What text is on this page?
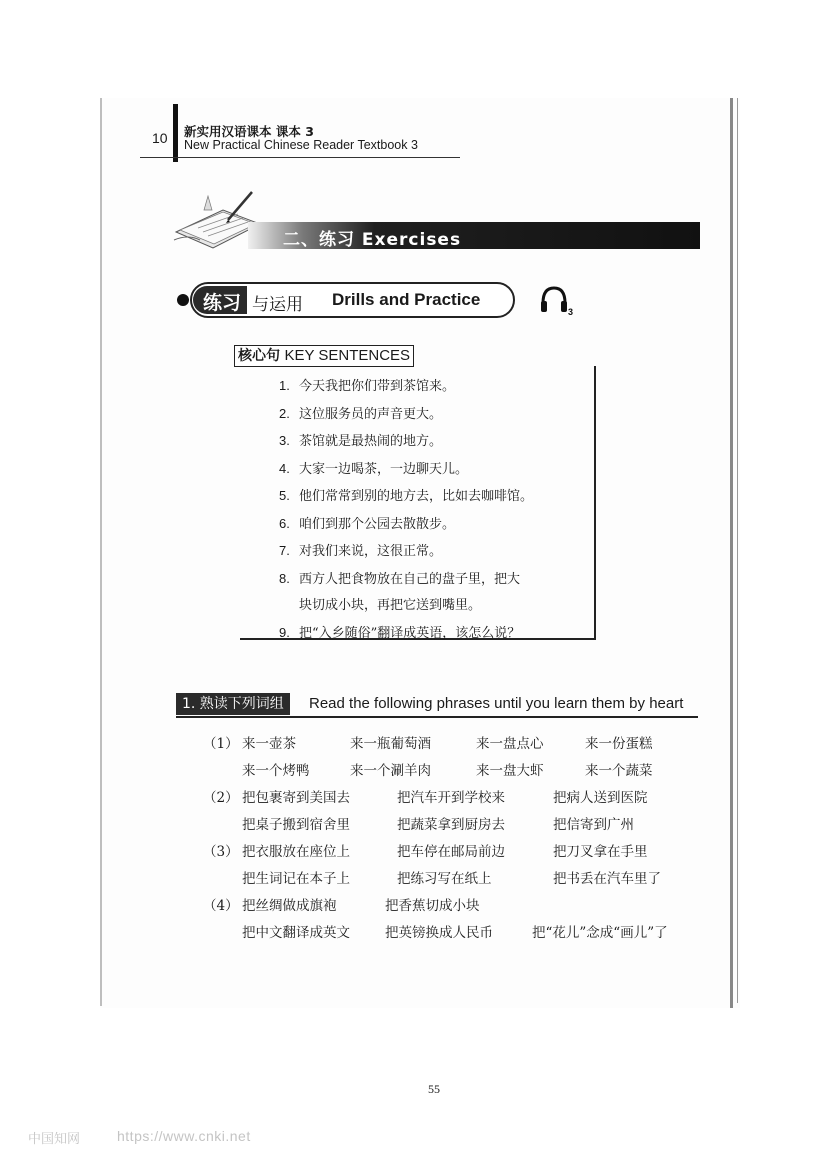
10 新实用汉语课本 课本 3
New Practical Chinese Reader Textbook 3
二、练习 Exercises
练习 与运用 Drills and Practice
3
核心句 KEY SENTENCES
1. 今天我把你们带到茶馆来。
2. 这位服务员的声音更大。
3. 茶馆就是最热闹的地方。
4. 大家一边喝茶，一边聊天儿。
5. 他们常常到别的地方去，比如去咖啡馆。
6. 咱们到那个公园去散散步。
7. 对我们来说，这很正常。
8. 西方人把食物放在自己的盘子里，把大
块切成小块，再把它送到嘴里。
9. 把“入乡随俗”翻译成英语，该怎么说？
1. 熟读下列词组	Read the following phrases until you learn them by heart
（1） 来一壶茶	来一瓶葡萄酒	来一盘点心	来一份蛋糕
来一个烤鸭	来一个涮羊肉	来一盘大虾	来一个蔬菜
（2） 把包裹寄到美国去	把汽车开到学校来	把病人送到医院
把桌子搬到宿舍里	把蔬菜拿到厨房去	把信寄到广州
（3） 把衣服放在座位上	把车停在邮局前边	把刀叉拿在手里
把生词记在本子上	把练习写在纸上	把书丢在汽车里了
（4） 把丝绸做成旗袍	把香蕉切成小块
把中文翻译成英文	把英镑换成人民币	把“花儿”念成“画儿”了
55
中国知网	https://www.cnki.net
